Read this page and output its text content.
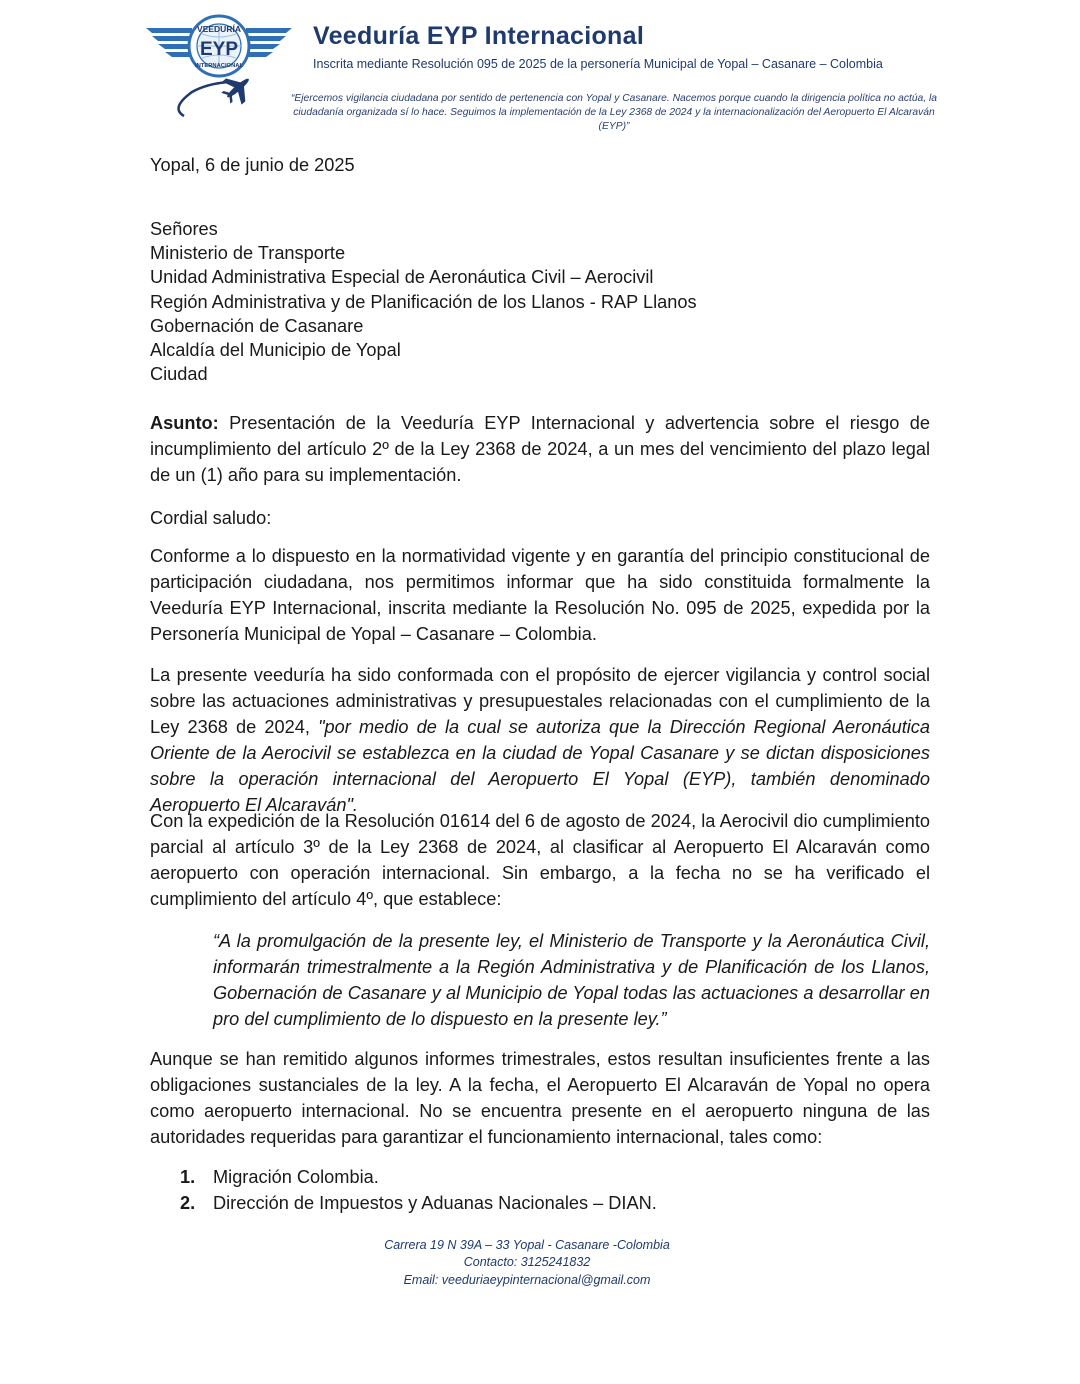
VEEDURÍA
EYP
INTERNACIONAL
Veeduría EYP Internacional
Inscrita mediante Resolución 095 de 2025 de la personería Municipal de Yopal – Casanare – Colombia
“Ejercemos vigilancia ciudadana por sentido de pertenencia con Yopal y Casanare. Nacemos porque cuando la dirigencia política no actúa, la ciudadanía organizada sí lo hace. Seguimos la implementación de la Ley 2368 de 2024 y la internacionalización del Aeropuerto El Alcaraván (EYP)”
Yopal, 6 de junio de 2025
Señores
Ministerio de Transporte
Unidad Administrativa Especial de Aeronáutica Civil – Aerocivil
Región Administrativa y de Planificación de los Llanos - RAP Llanos
Gobernación de Casanare
Alcaldía del Municipio de Yopal
Ciudad
Asunto: Presentación de la Veeduría EYP Internacional y advertencia sobre el riesgo de incumplimiento del artículo 2º de la Ley 2368 de 2024, a un mes del vencimiento del plazo legal de un (1) año para su implementación.
Cordial saludo:
Conforme a lo dispuesto en la normatividad vigente y en garantía del principio constitucional de participación ciudadana, nos permitimos informar que ha sido constituida formalmente la Veeduría EYP Internacional, inscrita mediante la Resolución No. 095 de 2025, expedida por la Personería Municipal de Yopal – Casanare – Colombia.
La presente veeduría ha sido conformada con el propósito de ejercer vigilancia y control social sobre las actuaciones administrativas y presupuestales relacionadas con el cumplimiento de la Ley 2368 de 2024, "por medio de la cual se autoriza que la Dirección Regional Aeronáutica Oriente de la Aerocivil se establezca en la ciudad de Yopal Casanare y se dictan disposiciones sobre la operación internacional del Aeropuerto El Yopal (EYP), también denominado Aeropuerto El Alcaraván".
Con la expedición de la Resolución 01614 del 6 de agosto de 2024, la Aerocivil dio cumplimiento parcial al artículo 3º de la Ley 2368 de 2024, al clasificar al Aeropuerto El Alcaraván como aeropuerto con operación internacional. Sin embargo, a la fecha no se ha verificado el cumplimiento del artículo 4º, que establece:
“A la promulgación de la presente ley, el Ministerio de Transporte y la Aeronáutica Civil, informarán trimestralmente a la Región Administrativa y de Planificación de los Llanos, Gobernación de Casanare y al Municipio de Yopal todas las actuaciones a desarrollar en pro del cumplimiento de lo dispuesto en la presente ley.”
Aunque se han remitido algunos informes trimestrales, estos resultan insuficientes frente a las obligaciones sustanciales de la ley. A la fecha, el Aeropuerto El Alcaraván de Yopal no opera como aeropuerto internacional. No se encuentra presente en el aeropuerto ninguna de las autoridades requeridas para garantizar el funcionamiento internacional, tales como:
1. Migración Colombia.
2. Dirección de Impuestos y Aduanas Nacionales – DIAN.
Carrera 19 N 39A – 33 Yopal - Casanare -Colombia
Contacto: 3125241832
Email: veeduriaeypinternacional@gmail.com
